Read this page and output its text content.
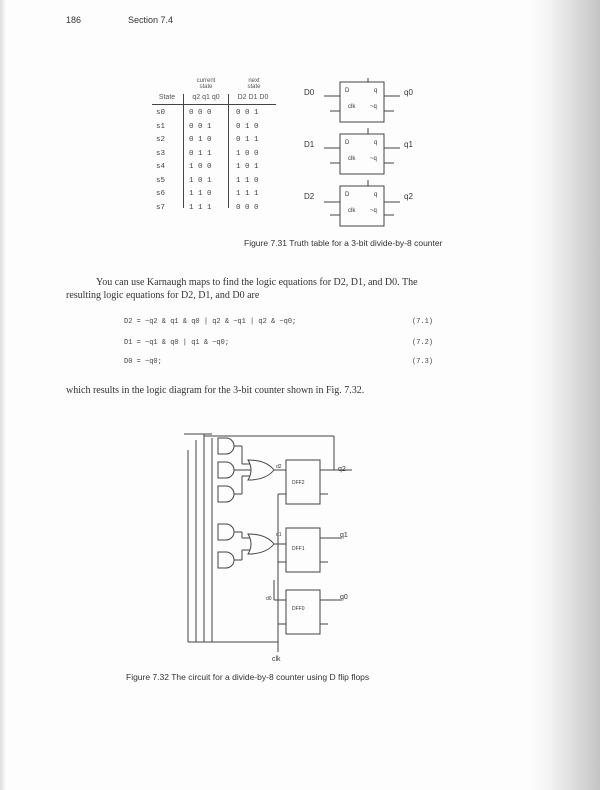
186	Section 7.4
current
state
next
state
State	q2 q1 q0	D2 D1 D0
s0	0 0 0	0 0 1
s1	0 0 1	0 1 0
s2	0 1 0	0 1 1
s3	0 1 1	1 0 0
s4	1 0 0	1 0 1
s5	1 0 1	1 1 0
s6	1 1 0	1 1 1
s7	1 1 1	0 0 0
D0	q0
D	q
clk ~q
D1	q1
D	q
clk ~q
D2	q2
D	q
clk ~q
Figure 7.31 Truth table for a 3-bit divide-by-8 counter
You can use Karnaugh maps to find the logic equations for D2, D1, and D0. The
resulting logic equations for D2, D1, and D0 are
D2 = ~q2 & q1 & q0 | q2 & ~q1 | q2 & ~q0;	(7.1)
D1 = ~q1 & q0 | q1 & ~q0;	(7.2)
D0 = ~q0;	(7.3)
which results in the logic diagram for the 3-bit counter shown in Fig. 7.32.
q2
q1
q0
clk
d2
d1
d0
DFF2
DFF1
DFF0
Figure 7.32 The circuit for a divide-by-8 counter using D flip flops
